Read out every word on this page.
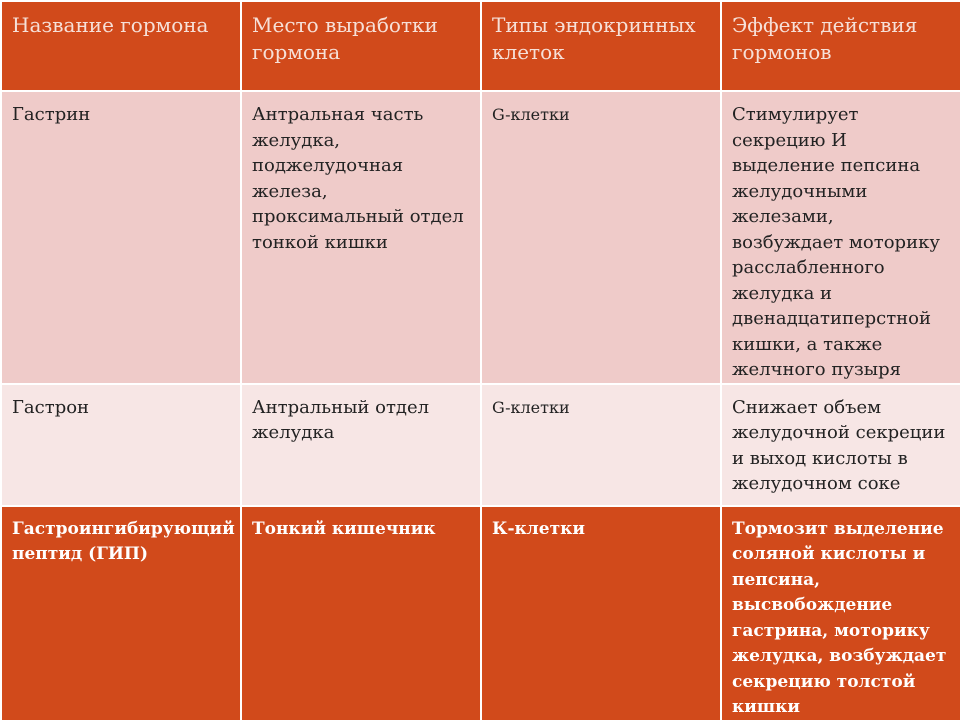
Название гормона	Место выработки гормона	Типы эндокринных клеток	Эффект действия гормонов
Гастрин	Антральная часть желудка, поджелудочная железа, проксимальный отдел тонкой кишки	G-клетки	Стимулирует секрецию И выделение пепсина желудочными железами, возбуждает моторику расслабленного желудка и двенадцатиперстной кишки, а также желчного пузыря
Гастрон	Антральный отдел желудка	G-клетки	Снижает объем желудочной секреции и выход кислоты в желудочном соке
Гастроингибирующий пептид (ГИП)	Тонкий кишечник	К-клетки	Тормозит выделение соляной кислоты и пепсина, высвобождение гастрина, моторику желудка, возбуждает секрецию толстой кишки
